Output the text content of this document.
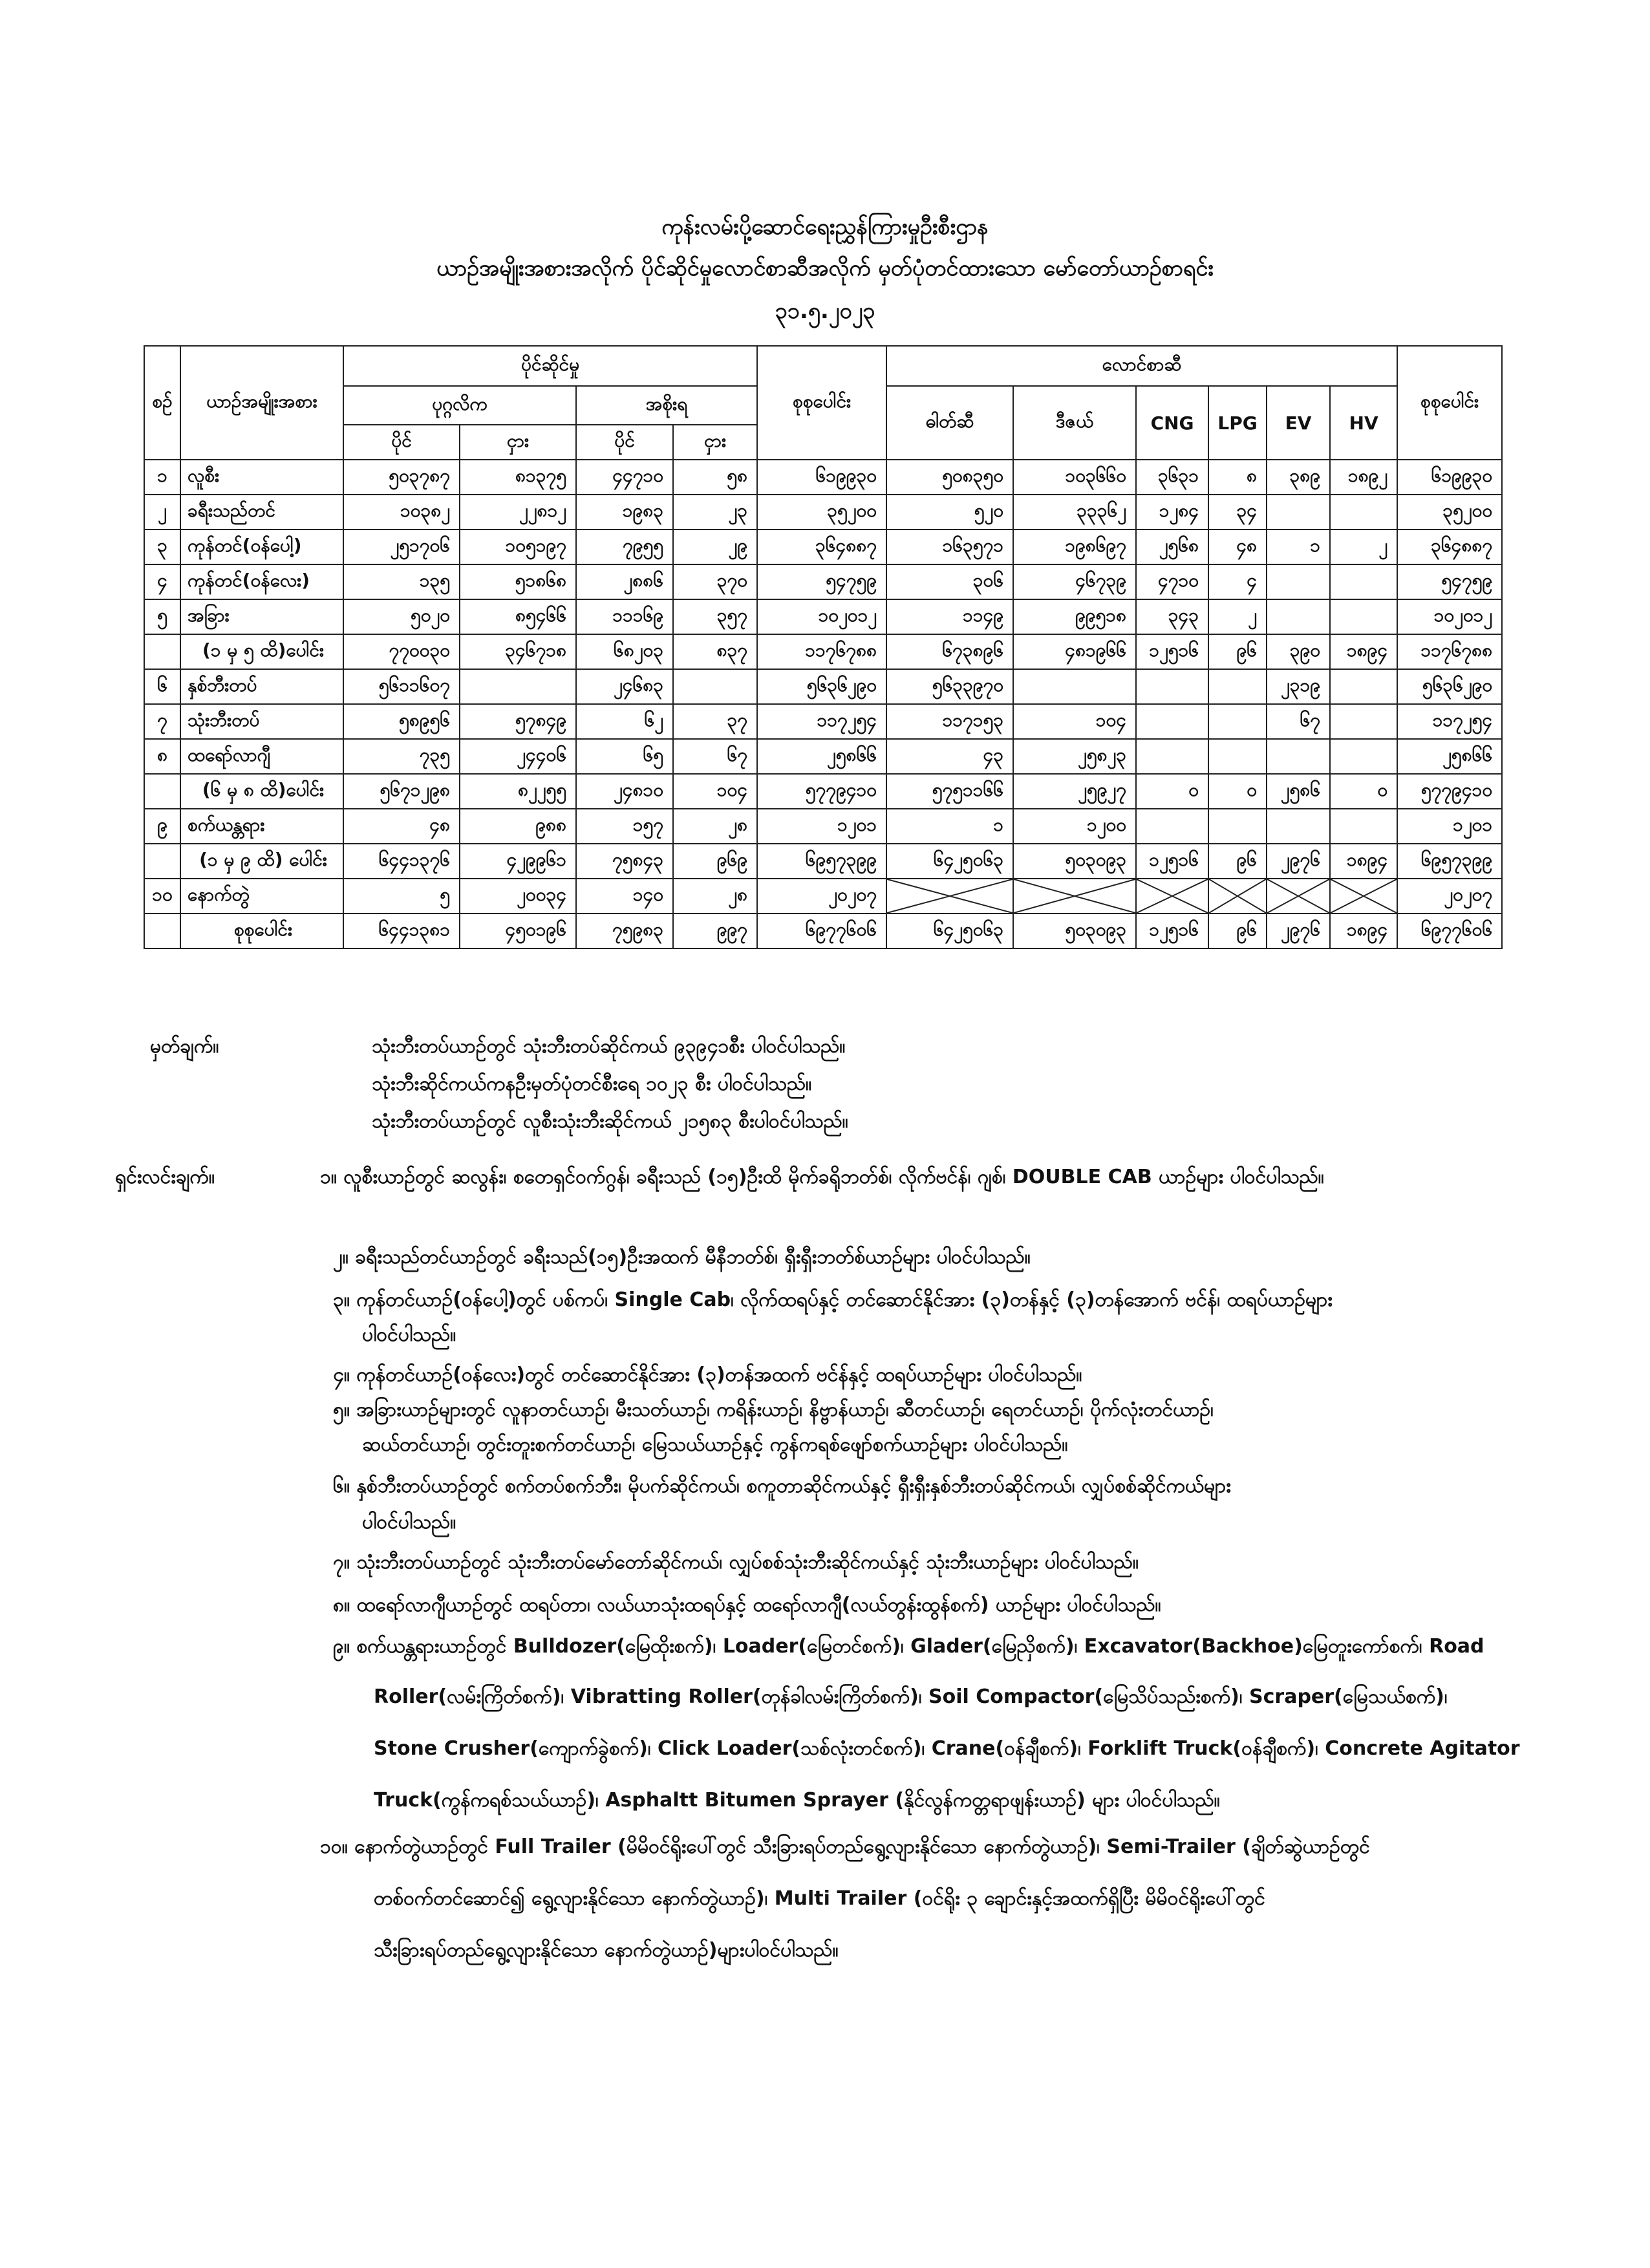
ကုန်းလမ်းပို့ဆောင်ရေးညွှန်ကြားမှုဦးစီးဌာန
ယာဉ်အမျိုးအစားအလိုက် ပိုင်ဆိုင်မှုလောင်စာဆီအလိုက် မှတ်ပုံတင်ထားသော မော်တော်ယာဉ်စာရင်း
၃၁.၅.၂၀၂၃
စဉ်	ယာဉ်အမျိုးအစား	ပိုင်ဆိုင်မှု				စုစုပေါင်း	လောင်စာဆီ						စုစုပေါင်း
		ပုဂ္ဂလိက		အစိုးရ			ဓါတ်ဆီ	ဒီဇယ်	CNG	LPG	EV	HV	
		ပိုင်	ငှား	ပိုင်	ငှား								
၁	လူစီး	၅၀၃၇၈၇	၈၁၃၇၅	၄၄၇၁၀	၅၈	၆၁၉၉၃၀	၅၀၈၃၅၀	၁၀၃၆၆၀	၃၆၃၁	၈	၃၈၉	၁၈၉၂	၆၁၉၉၃၀
၂	ခရီးသည်တင်	၁၀၃၈၂	၂၂၈၁၂	၁၉၈၃	၂၃	၃၅၂၀၀	၅၂၀	၃၃၃၆၂	၁၂၈၄	၃၄			၃၅၂၀၀
၃	ကုန်တင်(ဝန်ပေါ့)	၂၅၁၇၀၆	၁၀၅၁၉၇	၇၉၅၅	၂၉	၃၆၄၈၈၇	၁၆၃၅၇၁	၁၉၈၆၉၇	၂၅၆၈	၄၈	၁	၂	၃၆၄၈၈၇
၄	ကုန်တင်(ဝန်လေး)	၁၃၅	၅၁၈၆၈	၂၈၈၆	၃၇၀	၅၄၇၅၉	၃၀၆	၄၆၇၃၉	၄၇၁၀	၄			၅၄၇၅၉
၅	အခြား	၅၀၂၀	၈၅၄၆၆	၁၁၁၆၉	၃၅၇	၁၀၂၀၁၂	၁၁၄၉	၉၉၅၁၈	၃၄၃	၂			၁၀၂၀၁၂
	(၁ မှ ၅ ထိ)ပေါင်း	၇၇၀၀၃၀	၃၄၆၇၁၈	၆၈၂၀၃	၈၃၇	၁၁၇၆၇၈၈	၆၇၃၈၉၆	၄၈၁၉၆၆	၁၂၅၁၆	၉၆	၃၉၀	၁၈၉၄	၁၁၇၆၇၈၈
၆	နှစ်ဘီးတပ်	၅၆၁၁၆၀၇		၂၄၆၈၃		၅၆၃၆၂၉၀	၅၆၃၃၉၇၀				၂၃၁၉		၅၆၃၆၂၉၀
၇	သုံးဘီးတပ်	၅၈၉၅၆	၅၇၈၄၉	၆၂	၃၇	၁၁၇၂၅၄	၁၁၇၁၅၃	၁၀၄			၆၇		၁၁၇၂၅၄
၈	ထရော်လာဂျီ	၇၃၅	၂၄၄၀၆	၆၅	၆၇	၂၅၈၆၆	၄၃	၂၅၈၂၃					၂၅၈၆၆
	(၆ မှ ၈ ထိ)ပေါင်း	၅၆၇၁၂၉၈	၈၂၂၅၅	၂၄၈၁၀	၁၀၄	၅၇၇၉၄၁၀	၅၇၅၁၁၆၆	၂၅၉၂၇	၀	၀	၂၅၈၆	၀	၅၇၇၉၄၁၀
၉	စက်ယန္တရား	၄၈	၉၈၈	၁၅၇	၂၈	၁၂၀၁	၁	၁၂၀၀					၁၂၀၁
	(၁ မှ ၉ ထိ) ပေါင်း	၆၄၄၁၃၇၆	၄၂၉၉၆၁	၇၅၈၄၃	၉၆၉	၆၉၅၇၃၉၉	၆၄၂၅၀၆၃	၅၀၃၀၉၃	၁၂၅၁၆	၉၆	၂၉၇၆	၁၈၉၄	၆၉၅၇၃၉၉
၁၀	နောက်တွဲ	၅	၂၀၀၃၄	၁၄၀	၂၈	၂၀၂၀၇							၂၀၂၀၇
	စုစုပေါင်း	၆၄၄၁၃၈၁	၄၅၀၁၉၆	၇၅၉၈၃	၉၉၇	၆၉၇၇၆၀၆	၆၄၂၅၀၆၃	၅၀၃၀၉၃	၁၂၅၁၆	၉၆	၂၉၇၆	၁၈၉၄	၆၉၇၇၆၀၆
မှတ်ချက်။	သုံးဘီးတပ်ယာဉ်တွင် သုံးဘီးတပ်ဆိုင်ကယ် ၉၃၉၄၁စီး ပါဝင်ပါသည်။
သုံးဘီးဆိုင်ကယ်ကနဦးမှတ်ပုံတင်စီးရေ ၁၀၂၃ စီး ပါဝင်ပါသည်။
သုံးဘီးတပ်ယာဉ်တွင် လူစီးသုံးဘီးဆိုင်ကယ် ၂၁၅၈၃ စီးပါဝင်ပါသည်။
ရှင်းလင်းချက်။	၁။ လူစီးယာဉ်တွင် ဆလွန်း၊ စတေရှင်ဝက်ဂွန်၊ ခရီးသည် (၁၅)ဦးထိ မိုက်ခရိုဘတ်စ်၊ လိုက်ဗင်န်၊ ဂျစ်၊ DOUBLE CAB ယာဉ်များ ပါဝင်ပါသည်။
၂။ ခရီးသည်တင်ယာဉ်တွင် ခရီးသည်(၁၅)ဦးအထက် မီနီဘတ်စ်၊ ရှီးရှီးဘတ်စ်ယာဉ်များ ပါဝင်ပါသည်။
၃။ ကုန်တင်ယာဉ်(ဝန်ပေါ့)တွင် ပစ်ကပ်၊ Single Cab၊ လိုက်ထရပ်နှင့် တင်ဆောင်နိုင်အား (၃)တန်နှင့် (၃)တန်အောက် ဗင်န်၊ ထရပ်ယာဉ်များ
ပါဝင်ပါသည်။
၄။ ကုန်တင်ယာဉ်(ဝန်လေး)တွင် တင်ဆောင်နိုင်အား (၃)တန်အထက် ဗင်န်နှင့် ထရပ်ယာဉ်များ ပါဝင်ပါသည်။
၅။ အခြားယာဉ်များတွင် လူနာတင်ယာဉ်၊ မီးသတ်ယာဉ်၊ ကရိန်းယာဉ်၊ နိဗ္ဗာန်ယာဉ်၊ ဆီတင်ယာဉ်၊ ရေတင်ယာဉ်၊ ပိုက်လုံးတင်ယာဉ်၊
ဆယ်တင်ယာဉ်၊ တွင်းတူးစက်တင်ယာဉ်၊ မြေသယ်ယာဉ်နှင့် ကွန်ကရစ်ဖျော်စက်ယာဉ်များ ပါဝင်ပါသည်။
၆။ နှစ်ဘီးတပ်ယာဉ်တွင် စက်တပ်စက်ဘီး၊ မိုပက်ဆိုင်ကယ်၊ စကူတာဆိုင်ကယ်နှင့် ရှီးရှီးနှစ်ဘီးတပ်ဆိုင်ကယ်၊ လျှပ်စစ်ဆိုင်ကယ်များ
ပါဝင်ပါသည်။
၇။ သုံးဘီးတပ်ယာဉ်တွင် သုံးဘီးတပ်မော်တော်ဆိုင်ကယ်၊ လျှပ်စစ်သုံးဘီးဆိုင်ကယ်နှင့် သုံးဘီးယာဉ်များ ပါဝင်ပါသည်။
၈။ ထရော်လာဂျီယာဉ်တွင် ထရပ်တာ၊ လယ်ယာသုံးထရပ်နှင့် ထရော်လာဂျီ(လယ်တွန်းထွန်စက်) ယာဉ်များ ပါဝင်ပါသည်။
၉။ စက်ယန္တရားယာဉ်တွင် Bulldozer(မြေထိုးစက်)၊ Loader(မြေတင်စက်)၊ Glader(မြေညှိစက်)၊ Excavator(Backhoe)မြေတူးကော်စက်၊ Road
Roller(လမ်းကြိတ်စက်)၊ Vibratting Roller(တုန်ခါလမ်းကြိတ်စက်)၊ Soil Compactor(မြေသိပ်သည်းစက်)၊ Scraper(မြေသယ်စက်)၊
Stone Crusher(ကျောက်ခွဲစက်)၊ Click Loader(သစ်လုံးတင်စက်)၊ Crane(ဝန်ချီစက်)၊ Forklift Truck(ဝန်ချီစက်)၊ Concrete Agitator
Truck(ကွန်ကရစ်သယ်ယာဉ်)၊ Asphaltt Bitumen Sprayer (နိုင်လွန်ကတ္တရာဖျန်းယာဉ်) များ ပါဝင်ပါသည်။
၁၀။ နောက်တွဲယာဉ်တွင် Full Trailer (မိမိဝင်ရိုးပေါ်တွင် သီးခြားရပ်တည်ရွေ့လျားနိုင်သော နောက်တွဲယာဉ်)၊ Semi-Trailer (ချိတ်ဆွဲယာဉ်တွင်
တစ်ဝက်တင်ဆောင်၍ ရွေ့လျားနိုင်သော နောက်တွဲယာဉ်)၊ Multi Trailer (ဝင်ရိုး ၃ ချောင်းနှင့်အထက်ရှိပြီး မိမိဝင်ရိုးပေါ်တွင်
သီးခြားရပ်တည်ရွေ့လျားနိုင်သော နောက်တွဲယာဉ်)များပါဝင်ပါသည်။
